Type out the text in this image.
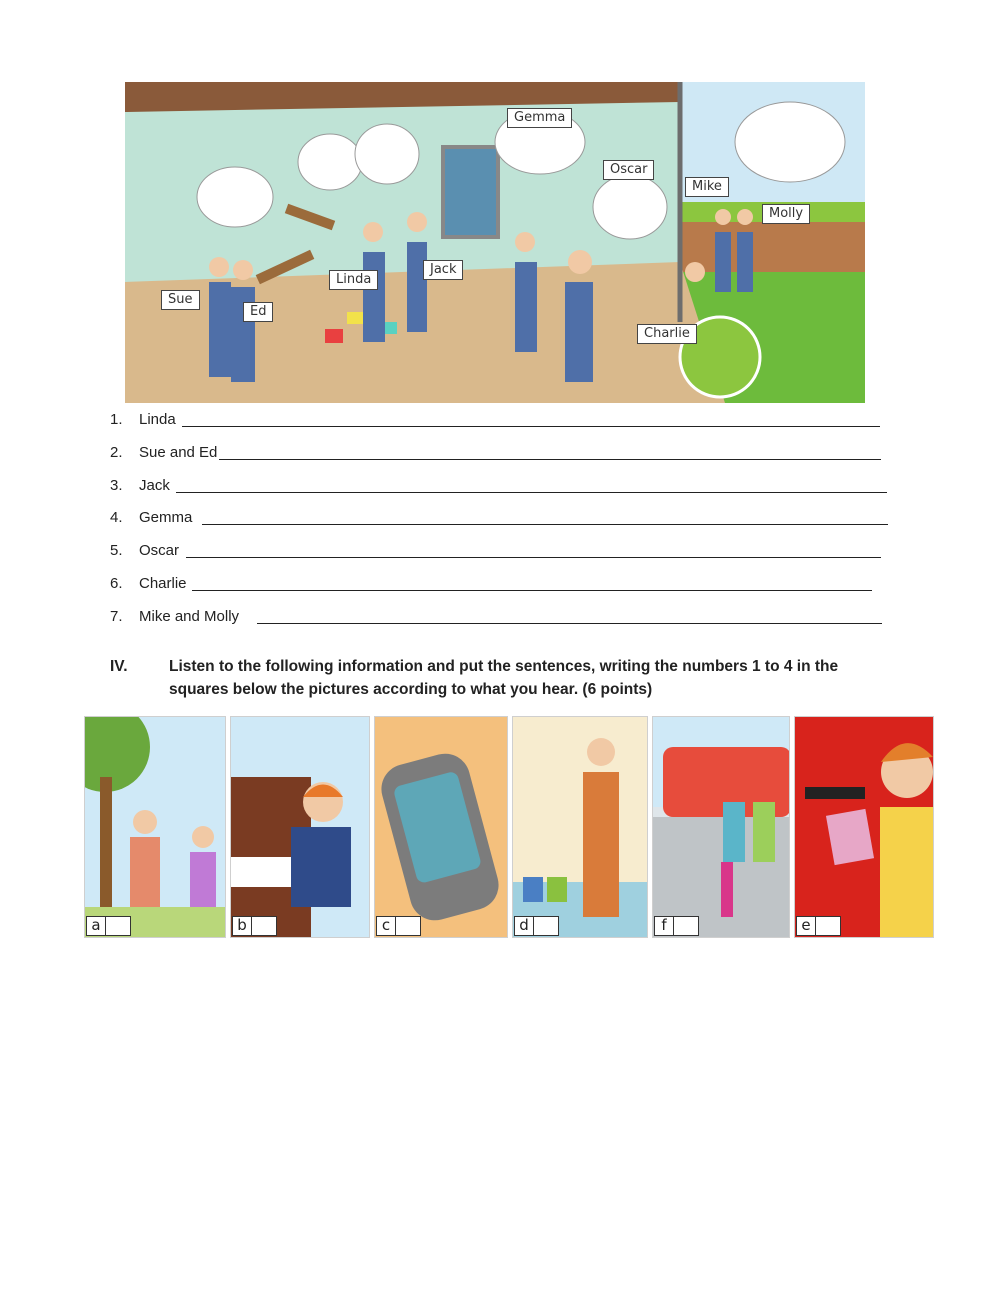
Gemma
Oscar
Mike
Molly
Linda
Jack
Sue
Ed
Charlie
1.	Linda
2.	Sue and Ed
3.	Jack
4.	Gemma
5.	Oscar
6.	Charlie
7.	Mike and Molly
IV.	Listen to the following information and put the sentences, writing the numbers 1 to 4 in the squares below the pictures according to what you hear. (6 points)
a	b	c	d	f	e
